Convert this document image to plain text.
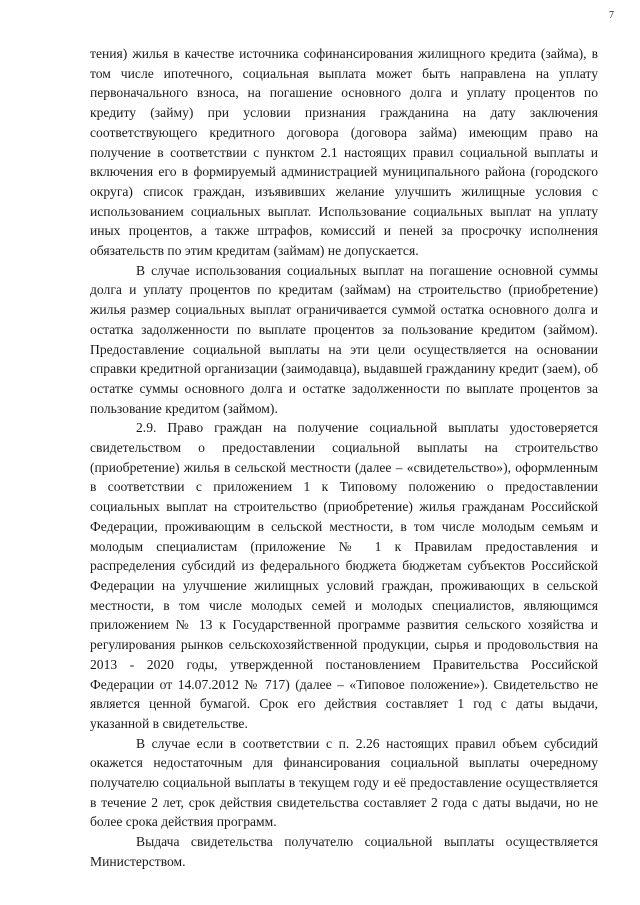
7

тения) жилья в качестве источника софинансирования жилищного кредита (займа), в том числе ипотечного, социальная выплата может быть направлена на уплату первоначального взноса, на погашение основного долга и уплату процентов по кредиту (займу) при условии признания гражданина на дату заключения соответствующего кредитного договора (договора займа) имеющим право на получение в соответствии с пунктом 2.1 настоящих правил социальной выплаты и включения его в формируемый администрацией муниципального района (городского округа) список граждан, изъявивших желание улучшить жилищные условия с использованием социальных выплат. Использование социальных выплат на уплату иных процентов, а также штрафов, комиссий и пеней за просрочку исполнения обязательств по этим кредитам (займам) не допускается.

В случае использования социальных выплат на погашение основной суммы долга и уплату процентов по кредитам (займам) на строительство (приобретение) жилья размер социальных выплат ограничивается суммой остатка основного долга и остатка задолженности по выплате процентов за пользование кредитом (займом). Предоставление социальной выплаты на эти цели осуществляется на основании справки кредитной организации (заимодавца), выдавшей гражданину кредит (заем), об остатке суммы основного долга и остатке задолженности по выплате процентов за пользование кредитом (займом).

2.9. Право граждан на получение социальной выплаты удостоверяется свидетельством о предоставлении социальной выплаты на строительство (приобретение) жилья в сельской местности (далее – «свидетельство»), оформленным в соответствии с приложением 1 к Типовому положению о предоставлении социальных выплат на строительство (приобретение) жилья гражданам Российской Федерации, проживающим в сельской местности, в том числе молодым семьям и молодым специалистам (приложение № 1 к Правилам предоставления и распределения субсидий из федерального бюджета бюджетам субъектов Российской Федерации на улучшение жилищных условий граждан, проживающих в сельской местности, в том числе молодых семей и молодых специалистов, являющимся приложением № 13 к Государственной программе развития сельского хозяйства и регулирования рынков сельскохозяйственной продукции, сырья и продовольствия на 2013 - 2020 годы, утвержденной постановлением Правительства Российской Федерации от 14.07.2012 № 717) (далее – «Типовое положение»). Свидетельство не является ценной бумагой. Срок его действия составляет 1 год с даты выдачи, указанной в свидетельстве.

В случае если в соответствии с п. 2.26 настоящих правил объем субсидий окажется недостаточным для финансирования социальной выплаты очередному получателю социальной выплаты в текущем году и её предоставление осуществляется в течение 2 лет, срок действия свидетельства составляет 2 года с даты выдачи, но не более срока действия программ.

Выдача свидетельства получателю социальной выплаты осуществляется Министерством.
